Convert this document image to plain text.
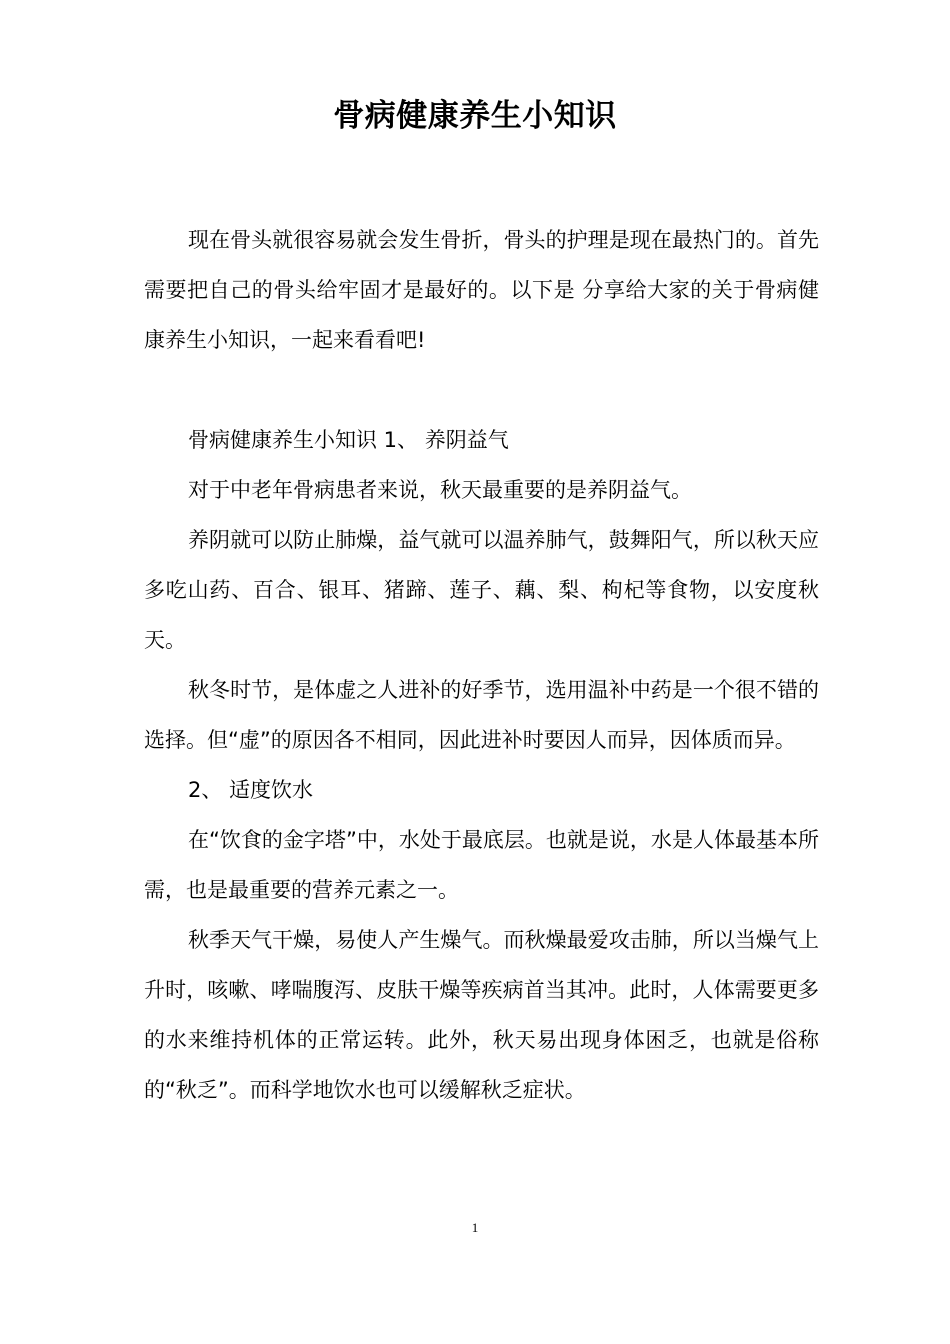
骨病健康养生小知识

现在骨头就很容易就会发生骨折，骨头的护理是现在最热门的。首先需要把自己的骨头给牢固才是最好的。以下是 分享给大家的关于骨病健康养生小知识，一起来看看吧!

骨病健康养生小知识 1、 养阴益气

对于中老年骨病患者来说，秋天最重要的是养阴益气。

养阴就可以防止肺燥，益气就可以温养肺气，鼓舞阳气，所以秋天应多吃山药、百合、银耳、猪蹄、莲子、藕、梨、枸杞等食物，以安度秋天。

秋冬时节，是体虚之人进补的好季节，选用温补中药是一个很不错的选择。但“虚”的原因各不相同，因此进补时要因人而异，因体质而异。

2、 适度饮水

在“饮食的金字塔”中，水处于最底层。也就是说，水是人体最基本所需，也是最重要的营养元素之一。

秋季天气干燥，易使人产生燥气。而秋燥最爱攻击肺，所以当燥气上升时，咳嗽、哮喘腹泻、皮肤干燥等疾病首当其冲。此时，人体需要更多的水来维持机体的正常运转。此外，秋天易出现身体困乏，也就是俗称的“秋乏”。而科学地饮水也可以缓解秋乏症状。

1
